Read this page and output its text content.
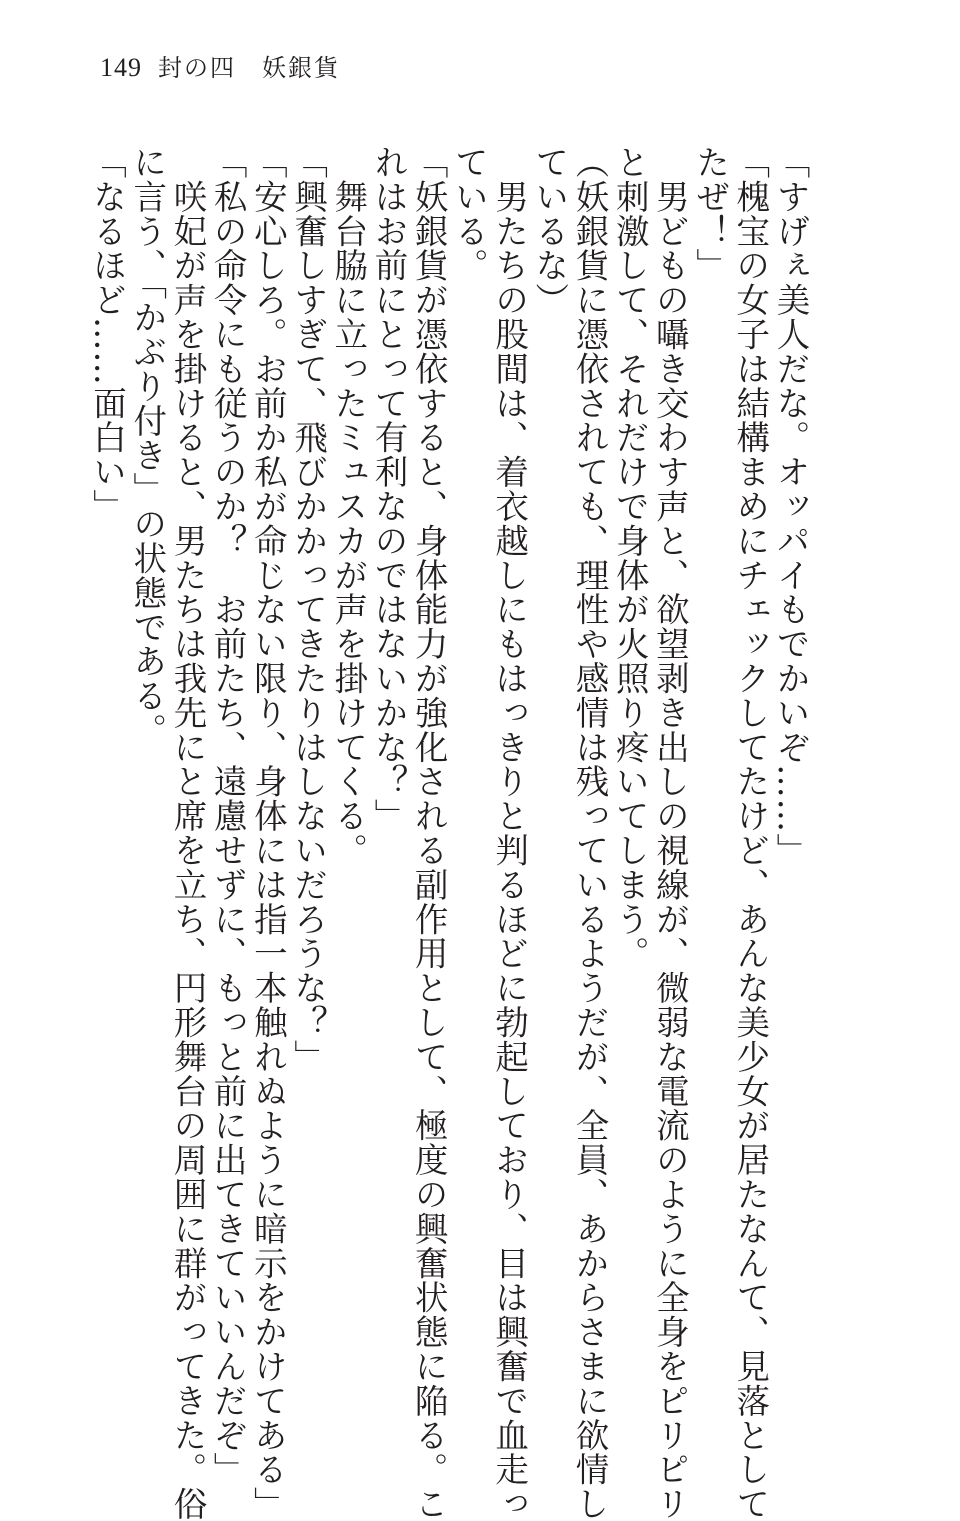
149 封の四　妖銀貨

「すげぇ美人だな。オッパイもでかいぞ……」

「槐宝の女子は結構まめにチェックしてたけど、あんな美少女が居たなんて、見落として

たぜ！」

　男どもの囁き交わす声と、欲望剥き出しの視線が、微弱な電流のように全身をピリピリ

と刺激して、それだけで身体が火照り疼いてしまう。

（妖銀貨に憑依されても、理性や感情は残っているようだが、全員、あからさまに欲情し

ているな）

　男たちの股間は、着衣越しにもはっきりと判るほどに勃起しており、目は興奮で血走っ

ている。

「妖銀貨が憑依すると、身体能力が強化される副作用として、極度の興奮状態に陥る。こ

れはお前にとって有利なのではないかな？」

　舞台脇に立ったミュスカが声を掛けてくる。

「興奮しすぎて、飛びかかってきたりはしないだろうな？」

「安心しろ。お前か私が命じない限り、身体には指一本触れぬように暗示をかけてある」

「私の命令にも従うのか？　お前たち、遠慮せずに、もっと前に出てきていいんだぞ」

　咲妃が声を掛けると、男たちは我先にと席を立ち、円形舞台の周囲に群がってきた。俗

に言う、「かぶり付き」の状態である。

「なるほど……面白い」
